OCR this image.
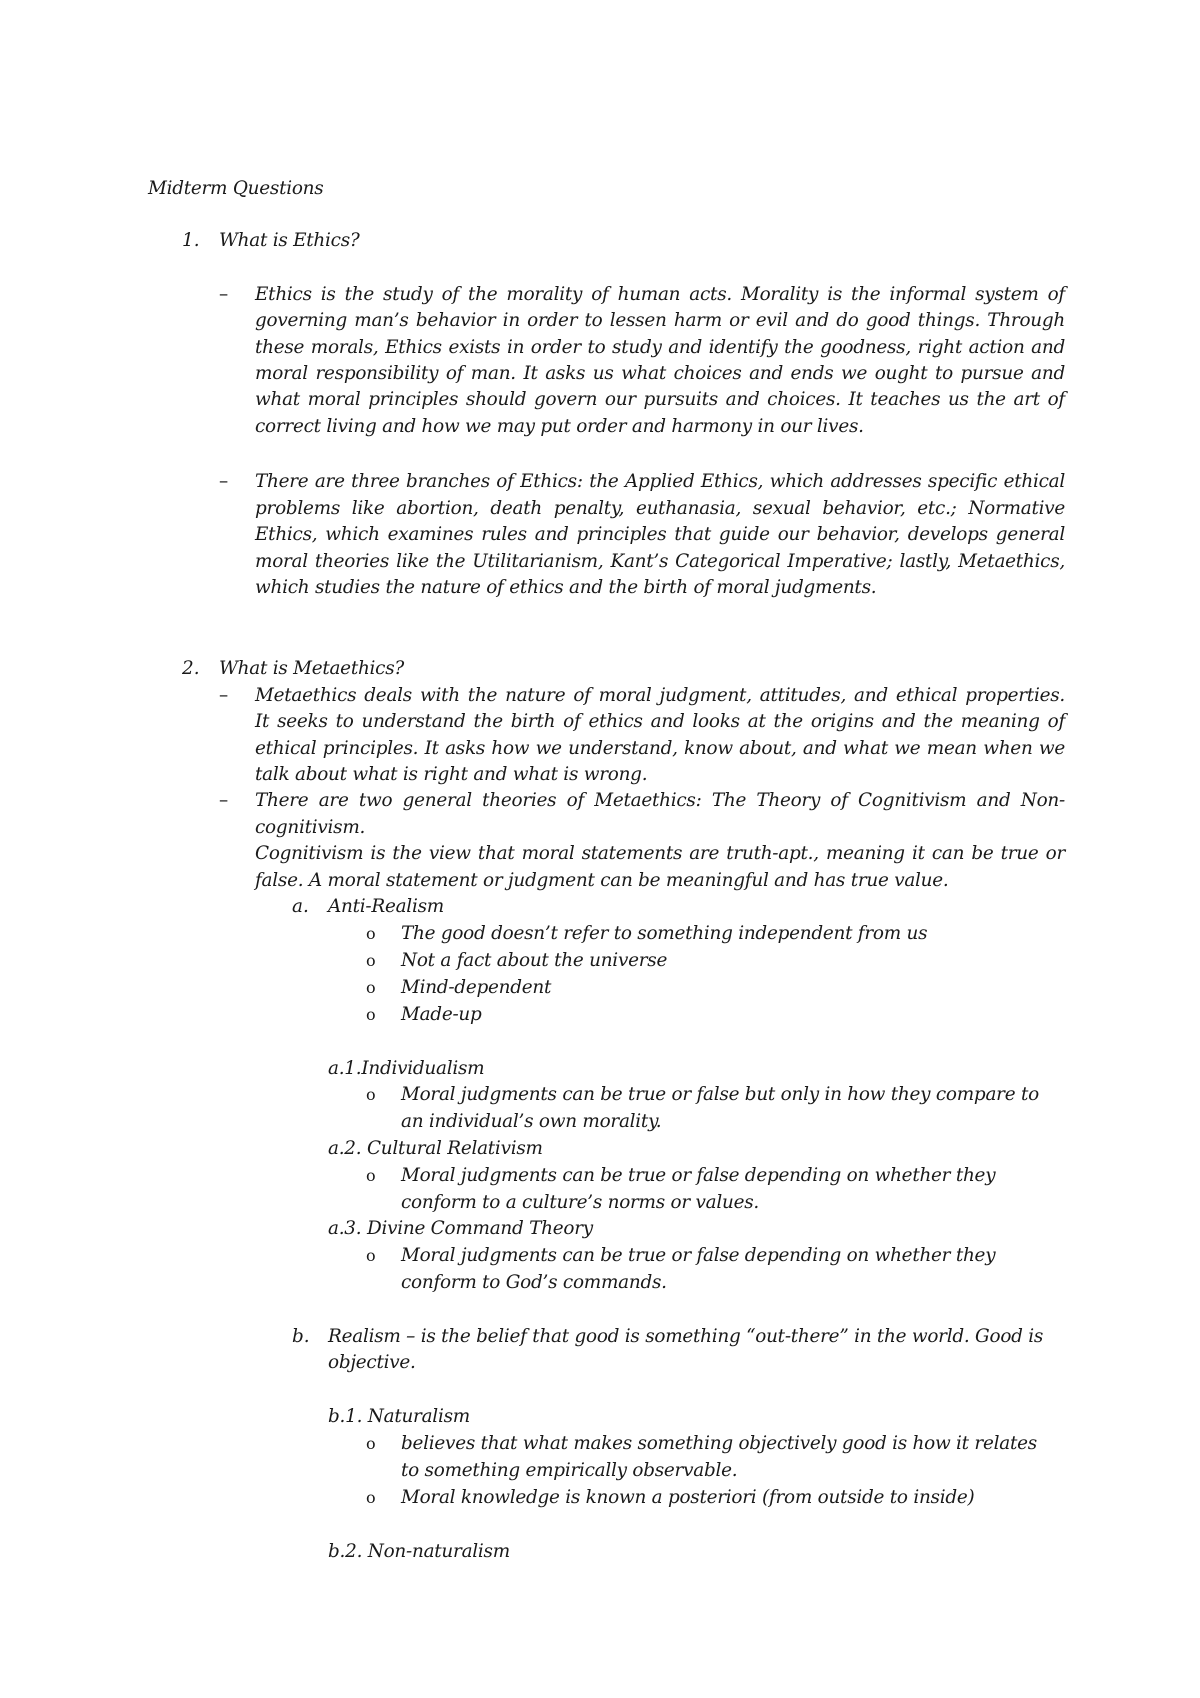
Midterm Questions
1. What is Ethics?
– Ethics is the study of the morality of human acts. Morality is the informal system of
governing man’s behavior in order to lessen harm or evil and do good things. Through
these morals, Ethics exists in order to study and identify the goodness, right action and
moral responsibility of man. It asks us what choices and ends we ought to pursue and
what moral principles should govern our pursuits and choices. It teaches us the art of
correct living and how we may put order and harmony in our lives.
– There are three branches of Ethics: the Applied Ethics, which addresses specific ethical
problems like abortion, death penalty, euthanasia, sexual behavior, etc.; Normative
Ethics, which examines rules and principles that guide our behavior, develops general
moral theories like the Utilitarianism, Kant’s Categorical Imperative; lastly, Metaethics,
which studies the nature of ethics and the birth of moral judgments.
2. What is Metaethics?
– Metaethics deals with the nature of moral judgment, attitudes, and ethical properties.
It seeks to understand the birth of ethics and looks at the origins and the meaning of
ethical principles. It asks how we understand, know about, and what we mean when we
talk about what is right and what is wrong.
– There are two general theories of Metaethics: The Theory of Cognitivism and Non-
cognitivism.
Cognitivism is the view that moral statements are truth-apt., meaning it can be true or
false. A moral statement or judgment can be meaningful and has true value.
a. Anti-Realism
o The good doesn’t refer to something independent from us
o Not a fact about the universe
o Mind-dependent
o Made-up
a.1.Individualism
o Moral judgments can be true or false but only in how they compare to
an individual’s own morality.
a.2. Cultural Relativism
o Moral judgments can be true or false depending on whether they
conform to a culture’s norms or values.
a.3. Divine Command Theory
o Moral judgments can be true or false depending on whether they
conform to God’s commands.
b. Realism – is the belief that good is something “out-there” in the world. Good is
objective.
b.1. Naturalism
o believes that what makes something objectively good is how it relates
to something empirically observable.
o Moral knowledge is known a posteriori (from outside to inside)
b.2. Non-naturalism
